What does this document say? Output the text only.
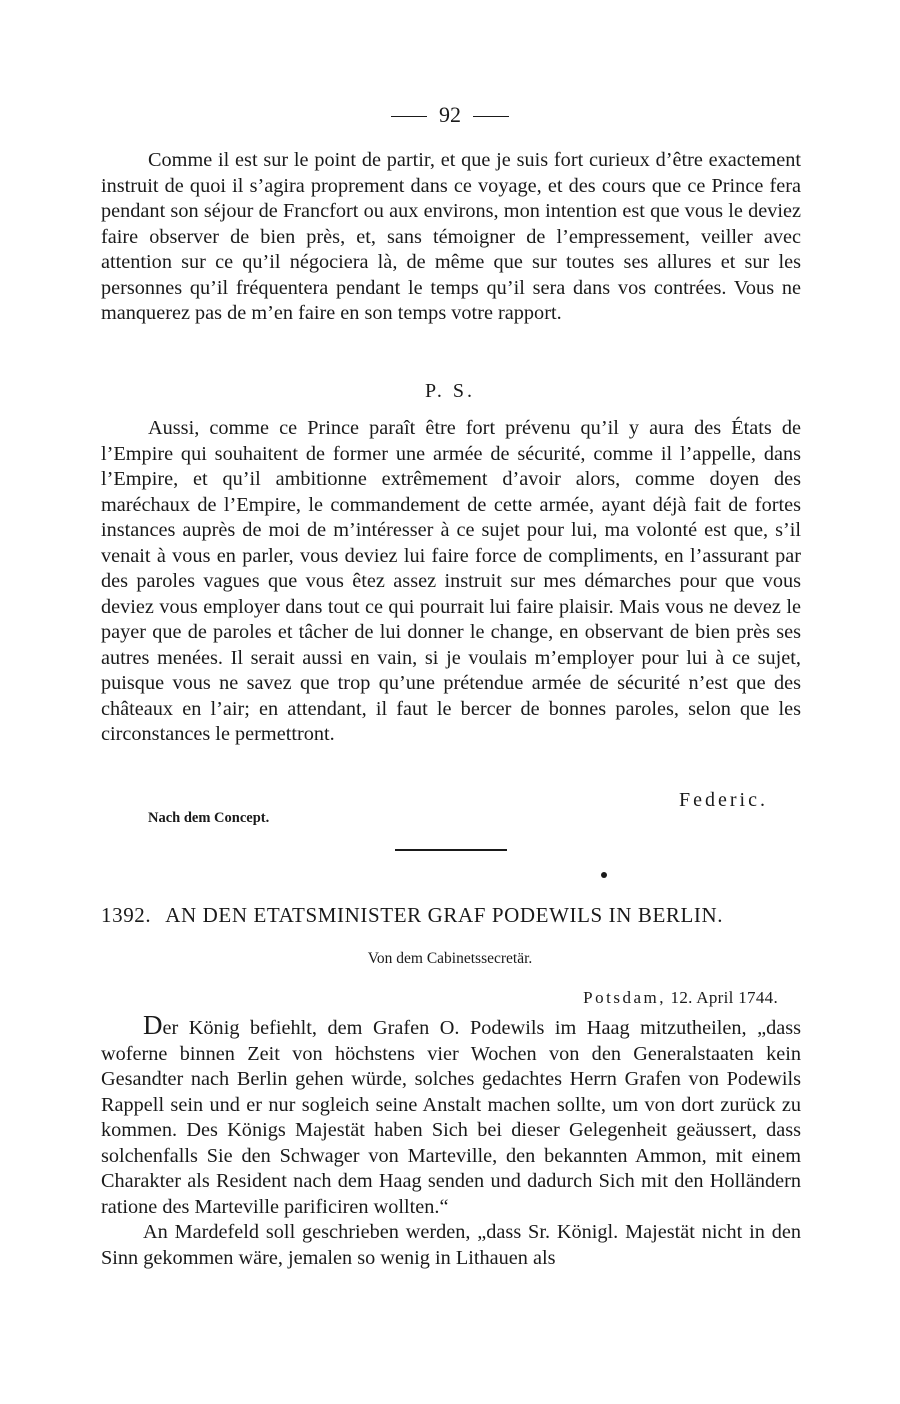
92

Comme il est sur le point de partir, et que je suis fort curieux d’être exactement instruit de quoi il s’agira proprement dans ce voyage, et des cours que ce Prince fera pendant son séjour de Francfort ou aux environs, mon intention est que vous le deviez faire observer de bien près, et, sans témoigner de l’empressement, veiller avec attention sur ce qu’il négociera là, de même que sur toutes ses allures et sur les personnes qu’il fréquentera pendant le temps qu’il sera dans vos contrées. Vous ne manquerez pas de m’en faire en son temps votre rapport.

P. S.

Aussi, comme ce Prince paraît être fort prévenu qu’il y aura des États de l’Empire qui souhaitent de former une armée de sécurité, comme il l’appelle, dans l’Empire, et qu’il ambitionne extrêmement d’avoir alors, comme doyen des maréchaux de l’Empire, le commandement de cette armée, ayant déjà fait de fortes instances auprès de moi de m’intéresser à ce sujet pour lui, ma volonté est que, s’il venait à vous en parler, vous deviez lui faire force de compliments, en l’assurant par des paroles vagues que vous êtez assez instruit sur mes démarches pour que vous deviez vous employer dans tout ce qui pourrait lui faire plaisir. Mais vous ne devez le payer que de paroles et tâcher de lui donner le change, en observant de bien près ses autres menées. Il serait aussi en vain, si je voulais m’employer pour lui à ce sujet, puisque vous ne savez que trop qu’une prétendue armée de sécurité n’est que des châteaux en l’air; en attendant, il faut le bercer de bonnes paroles, selon que les circonstances le permettront.

Federic.
Nach dem Concept.
1392. AN DEN ETATSMINISTER GRAF PODEWILS IN BERLIN.
Von dem Cabinetssecretär.
Potsdam, 12. April 1744.

Der König befiehlt, dem Grafen O. Podewils im Haag mitzutheilen, „dass woferne binnen Zeit von höchstens vier Wochen von den Generalstaaten kein Gesandter nach Berlin gehen würde, solches gedachtes Herrn Grafen von Podewils Rappell sein und er nur sogleich seine Anstalt machen sollte, um von dort zurück zu kommen. Des Königs Majestät haben Sich bei dieser Gelegenheit geäussert, dass solchenfalls Sie den Schwager von Marteville, den bekannten Ammon, mit einem Charakter als Resident nach dem Haag senden und dadurch Sich mit den Holländern ratione des Marteville parificiren wollten.“

An Mardefeld soll geschrieben werden, „dass Sr. Königl. Majestät nicht in den Sinn gekommen wäre, jemalen so wenig in Lithauen als
